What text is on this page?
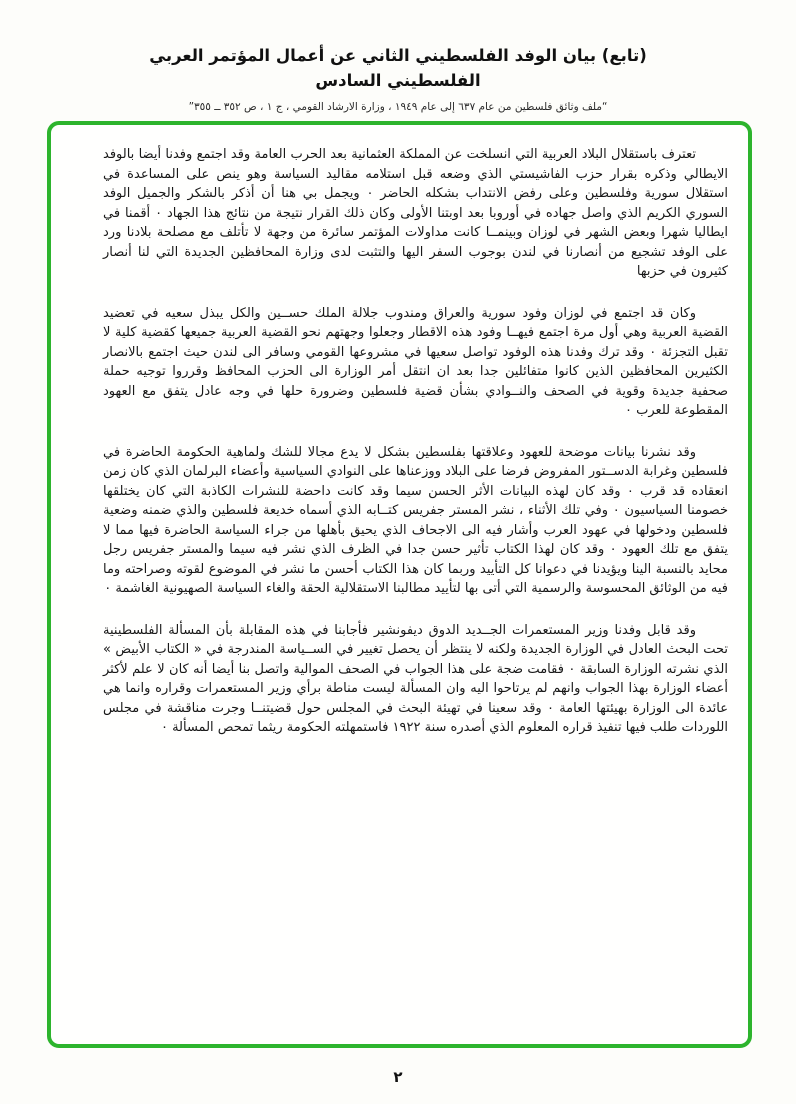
(تابع) بيان الوفد الفلسطيني الثاني عن أعمال المؤتمر العربي الفلسطيني السادس
“ملف وثائق فلسطين من عام ٦٣٧ إلى عام ١٩٤٩ ، وزارة الارشاد القومي ، ج ١ ، ص ٣٥٢ ــ ٣٥٥”

تعترف باستقلال البلاد العربية التي انسلخت عن المملكة العثمانية بعد الحرب العامة وقد اجتمع وفدنا أيضا بالوفد الايطالي وذكره بقرار حزب الفاشيستي الذي وضعه قبل استلامه مقاليد السياسة وهو ينص على المساعدة في استقلال سورية وفلسطين وعلى رفض الانتداب بشكله الحاضر ٠ ويجمل بي هنا أن أذكر بالشكر والجميل الوفد السوري الكريم الذي واصل جهاده في أوروبا بعد اوبتنا الأولى وكان ذلك القرار نتيجة من نتائج هذا الجهاد ٠ أقمنا في ايطاليا شهرا وبعض الشهر في لوزان وبينمــا كانت مداولات المؤتمر سائرة من وجهة لا تأتلف مع مصلحة بلادنا ورد على الوفد تشجيع من أنصارنا في لندن بوجوب السفر اليها والتثبت لدى وزارة المحافظين الجديدة التي لنا أنصار كثيرون في حزبها

وكان قد اجتمع في لوزان وفود سورية والعراق ومندوب جلالة الملك حســين والكل يبذل سعيه في تعضيد القضية العربية وهي أول مرة اجتمع فيهــا وفود هذه الاقطار وجعلوا وجهتهم نحو القضية العربية جميعها كقضية كلية لا تقبل التجزئة ٠ وقد ترك وفدنا هذه الوفود تواصل سعيها في مشروعها القومي وسافر الى لندن حيث اجتمع بالانصار الكثيرين المحافظين الذين كانوا متفائلين جدا بعد ان انتقل أمر الوزارة الى الحزب المحافظ وقرروا توجيه حملة صحفية جديدة وقوية في الصحف والنــوادي بشأن قضية فلسطين وضرورة حلها في وجه عادل يتفق مع العهود المقطوعة للعرب ٠

وقد نشرنا بيانات موضحة للعهود وعلاقتها بفلسطين بشكل لا يدع مجالا للشك ولماهية الحكومة الحاضرة في فلسطين وغرابة الدســتور المفروض فرضا على البلاد ووزعناها على النوادي السياسية وأعضاء البرلمان الذي كان زمن انعقاده قد قرب ٠ وقد كان لهذه البيانات الأثر الحسن سيما وقد كانت داحضة للنشرات الكاذبة التي كان يختلقها خصومنا السياسيون ٠ وفي تلك الأثناء ، نشر المستر جفريس كتــابه الذي أسماه خديعة فلسطين والذي ضمنه وضعية فلسطين ودخولها في عهود العرب وأشار فيه الى الاجحاف الذي يحيق بأهلها من جراء السياسة الحاضرة فيها مما لا يتفق مع تلك العهود ٠ وقد كان لهذا الكتاب تأثير حسن جدا في الظرف الذي نشر فيه سيما والمستر جفريس رجل محايد بالنسبة الينا ويؤيدنا في دعوانا كل التأييد وربما كان هذا الكتاب أحسن ما نشر في الموضوع لقوته وصراحته وما فيه من الوثائق المحسوسة والرسمية التي أتى بها لتأييد مطالبنا الاستقلالية الحقة والغاء السياسة الصهيونية الغاشمة ٠

وقد قابل وفدنا وزير المستعمرات الجــديد الدوق ديفونشير فأجابنا في هذه المقابلة بأن المسألة الفلسطينية تحت البحث العادل في الوزارة الجديدة ولكنه لا ينتظر أن يحصل تغيير في الســياسة المندرجة في « الكتاب الأبيض » الذي نشرته الوزارة السابقة ٠ فقامت ضجة على هذا الجواب في الصحف الموالية واتصل بنا أيضا أنه كان لا علم لأكثر أعضاء الوزارة بهذا الجواب وانهم لم يرتاحوا اليه وان المسألة ليست مناطة برأي وزير المستعمرات وقراره وانما هي عائدة الى الوزارة بهيئتها العامة ٠ وقد سعينا في تهيئة البحث في المجلس حول قضيتنــا وجرت مناقشة في مجلس اللوردات طلب فيها تنفيذ قراره المعلوم الذي أصدره سنة ١٩٢٢ فاستمهلته الحكومة ريثما تمحص المسألة ٠

٢
